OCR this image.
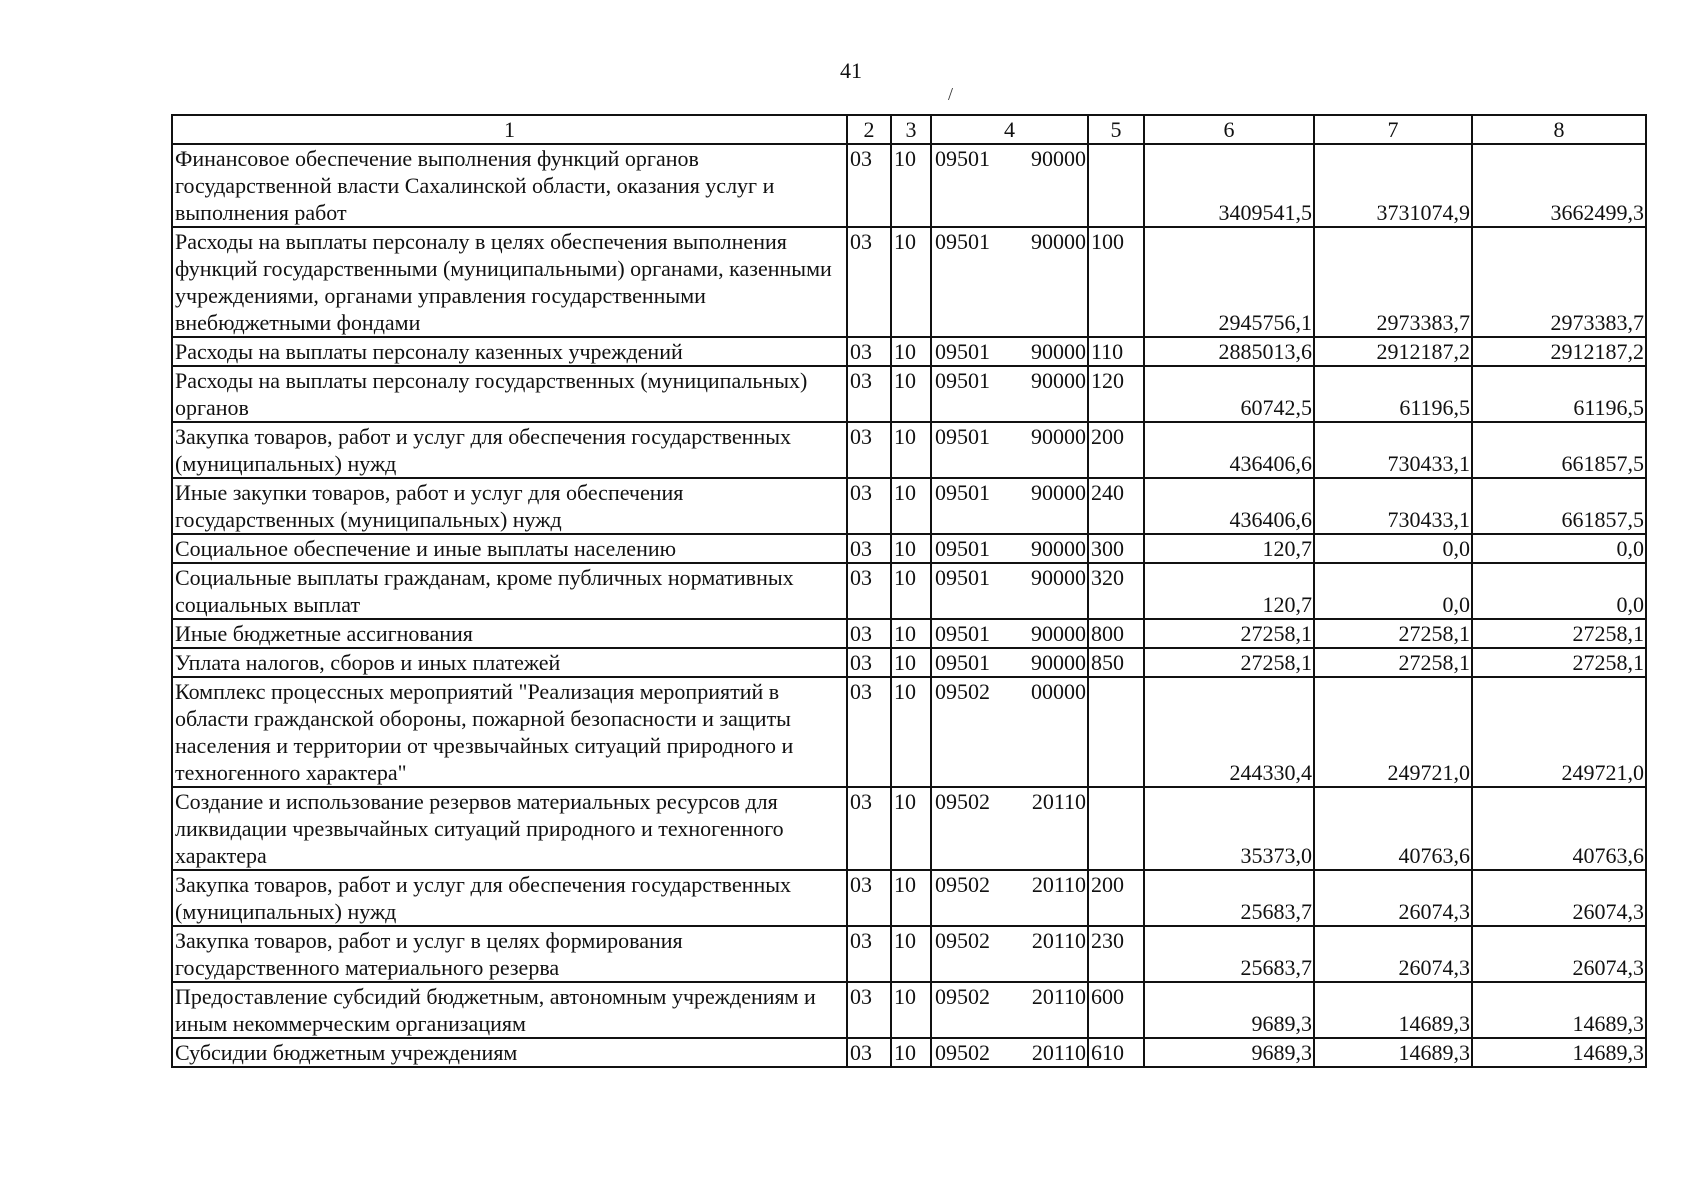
41
/
1	2	3	4	5	6	7	8
Финансовое обеспечение выполнения функций органов государственной власти Сахалинской области, оказания услуг и выполнения работ	03	10	09501 90000		3409541,5	3731074,9	3662499,3
Расходы на выплаты персоналу в целях обеспечения выполнения функций государственными (муниципальными) органами, казенными учреждениями, органами управления государственными внебюджетными фондами	03	10	09501 90000	100	2945756,1	2973383,7	2973383,7
Расходы на выплаты персоналу казенных учреждений	03	10	09501 90000	110	2885013,6	2912187,2	2912187,2
Расходы на выплаты персоналу государственных (муниципальных) органов	03	10	09501 90000	120	60742,5	61196,5	61196,5
Закупка товаров, работ и услуг для обеспечения государственных (муниципальных) нужд	03	10	09501 90000	200	436406,6	730433,1	661857,5
Иные закупки товаров, работ и услуг для обеспечения государственных (муниципальных) нужд	03	10	09501 90000	240	436406,6	730433,1	661857,5
Социальное обеспечение и иные выплаты населению	03	10	09501 90000	300	120,7	0,0	0,0
Социальные выплаты гражданам, кроме публичных нормативных социальных выплат	03	10	09501 90000	320	120,7	0,0	0,0
Иные бюджетные ассигнования	03	10	09501 90000	800	27258,1	27258,1	27258,1
Уплата налогов, сборов и иных платежей	03	10	09501 90000	850	27258,1	27258,1	27258,1
Комплекс процессных мероприятий "Реализация мероприятий в области гражданской обороны, пожарной безопасности и защиты населения и территории от чрезвычайных ситуаций природного и техногенного характера"	03	10	09502 00000		244330,4	249721,0	249721,0
Создание и использование резервов материальных ресурсов для ликвидации чрезвычайных ситуаций природного и техногенного характера	03	10	09502 20110		35373,0	40763,6	40763,6
Закупка товаров, работ и услуг для обеспечения государственных (муниципальных) нужд	03	10	09502 20110	200	25683,7	26074,3	26074,3
Закупка товаров, работ и услуг в целях формирования государственного материального резерва	03	10	09502 20110	230	25683,7	26074,3	26074,3
Предоставление субсидий бюджетным, автономным учреждениям и иным некоммерческим организациям	03	10	09502 20110	600	9689,3	14689,3	14689,3
Субсидии бюджетным учреждениям	03	10	09502 20110	610	9689,3	14689,3	14689,3
